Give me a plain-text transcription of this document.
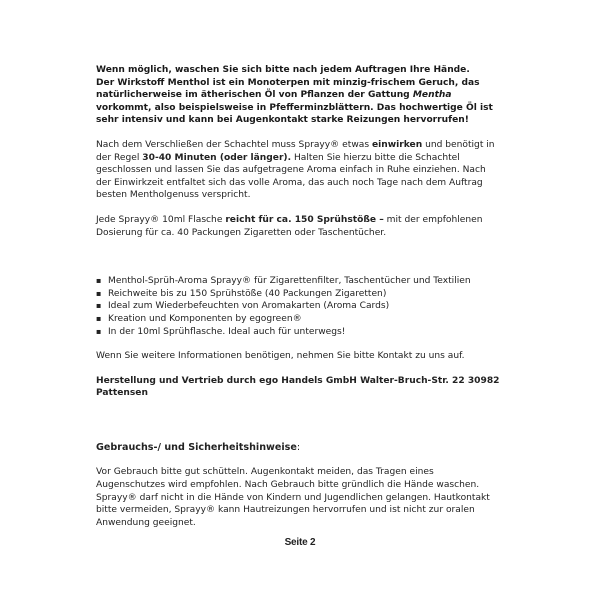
Wenn möglich, waschen Sie sich bitte nach jedem Auftragen Ihre Hände.

Der Wirkstoff Menthol ist ein Monoterpen mit minzig-frischem Geruch, das natürlicherweise im ätherischen Öl von Pflanzen der Gattung Mentha vorkommt, also beispielsweise in Pfefferminzblättern. Das hochwertige Öl ist sehr intensiv und kann bei Augenkontakt starke Reizungen hervorrufen!

Nach dem Verschließen der Schachtel muss Sprayy® etwas einwirken und benötigt in der Regel 30-40 Minuten (oder länger). Halten Sie hierzu bitte die Schachtel geschlossen und lassen Sie das aufgetragene Aroma einfach in Ruhe einziehen. Nach der Einwirkzeit entfaltet sich das volle Aroma, das auch noch Tage nach dem Auftrag besten Mentholgenuss verspricht.

Jede Sprayy® 10ml Flasche reicht für ca. 150 Sprühstöße – mit der empfohlenen Dosierung für ca. 40 Packungen Zigaretten oder Taschentücher.

▪ Menthol-Sprüh-Aroma Sprayy® für Zigarettenfilter, Taschentücher und Textilien
▪ Reichweite bis zu 150 Sprühstöße (40 Packungen Zigaretten)
▪ Ideal zum Wiederbefeuchten von Aromakarten (Aroma Cards)
▪ Kreation und Komponenten by egogreen®
▪ In der 10ml Sprühflasche. Ideal auch für unterwegs!

Wenn Sie weitere Informationen benötigen, nehmen Sie bitte Kontakt zu uns auf.

Herstellung und Vertrieb durch ego Handels GmbH Walter-Bruch-Str. 22 30982 Pattensen

Gebrauchs-/ und Sicherheitshinweise:

Vor Gebrauch bitte gut schütteln. Augenkontakt meiden, das Tragen eines Augenschutzes wird empfohlen. Nach Gebrauch bitte gründlich die Hände waschen. Sprayy® darf nicht in die Hände von Kindern und Jugendlichen gelangen. Hautkontakt bitte vermeiden, Sprayy® kann Hautreizungen hervorrufen und ist nicht zur oralen Anwendung geeignet.

Seite 2
